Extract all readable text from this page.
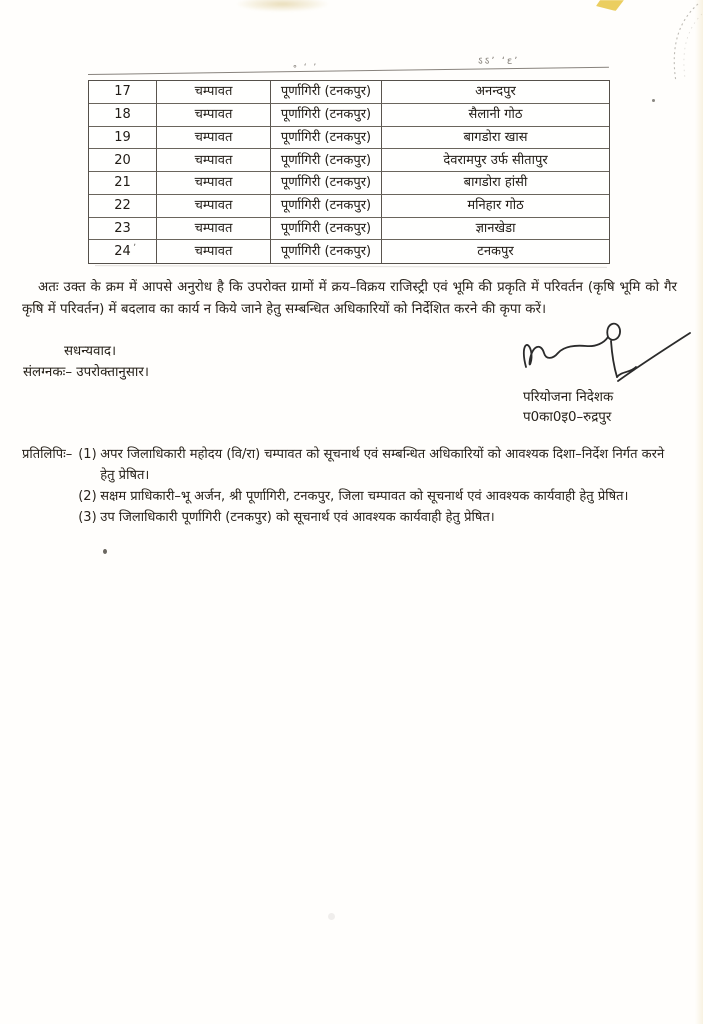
॰ ʻ ʼ
ऽऽʼ ʻɛʼ
17	चम्पावत	पूर्णागिरी (टनकपुर)	अनन्दपुर
18	चम्पावत	पूर्णागिरी (टनकपुर)	सैलानी गोठ
19	चम्पावत	पूर्णागिरी (टनकपुर)	बागडोरा खास
20	चम्पावत	पूर्णागिरी (टनकपुर)	देवरामपुर उर्फ सीतापुर
21	चम्पावत	पूर्णागिरी (टनकपुर)	बागडोरा हांसी
22	चम्पावत	पूर्णागिरी (टनकपुर)	मनिहार गोठ
23	चम्पावत	पूर्णागिरी (टनकपुर)	ज्ञानखेडा
24	चम्पावत	पूर्णागिरी (टनकपुर)	टनकपुर
ʼ
अतः उक्त के क्रम में आपसे अनुरोध है कि उपरोक्त ग्रामों में क्रय–विक्रय राजिस्ट्री एवं भूमि की प्रकृति में परिवर्तन (कृषि भूमि को गैर कृषि में परिवर्तन) में बदलाव का कार्य न किये जाने हेतु सम्बन्धित अधिकारियों को निर्देशित करने की कृपा करें।
सधन्यवाद।
संलग्नकः– उपरोक्तानुसार।
परियोजना निदेशक
प0का0इ0–रुद्रपुर
प्रतिलिपिः– (1) अपर जिलाधिकारी महोदय (वि/रा) चम्पावत को सूचनार्थ एवं सम्बन्धित अधिकारियों को आवश्यक दिशा–निर्देश निर्गत करने हेतु प्रेषित।
(2) सक्षम प्राधिकारी–भू अर्जन, श्री पूर्णागिरी, टनकपुर, जिला चम्पावत को सूचनार्थ एवं आवश्यक कार्यवाही हेतु प्रेषित।
(3) उप जिलाधिकारी पूर्णागिरी (टनकपुर) को सूचनार्थ एवं आवश्यक कार्यवाही हेतु प्रेषित।
